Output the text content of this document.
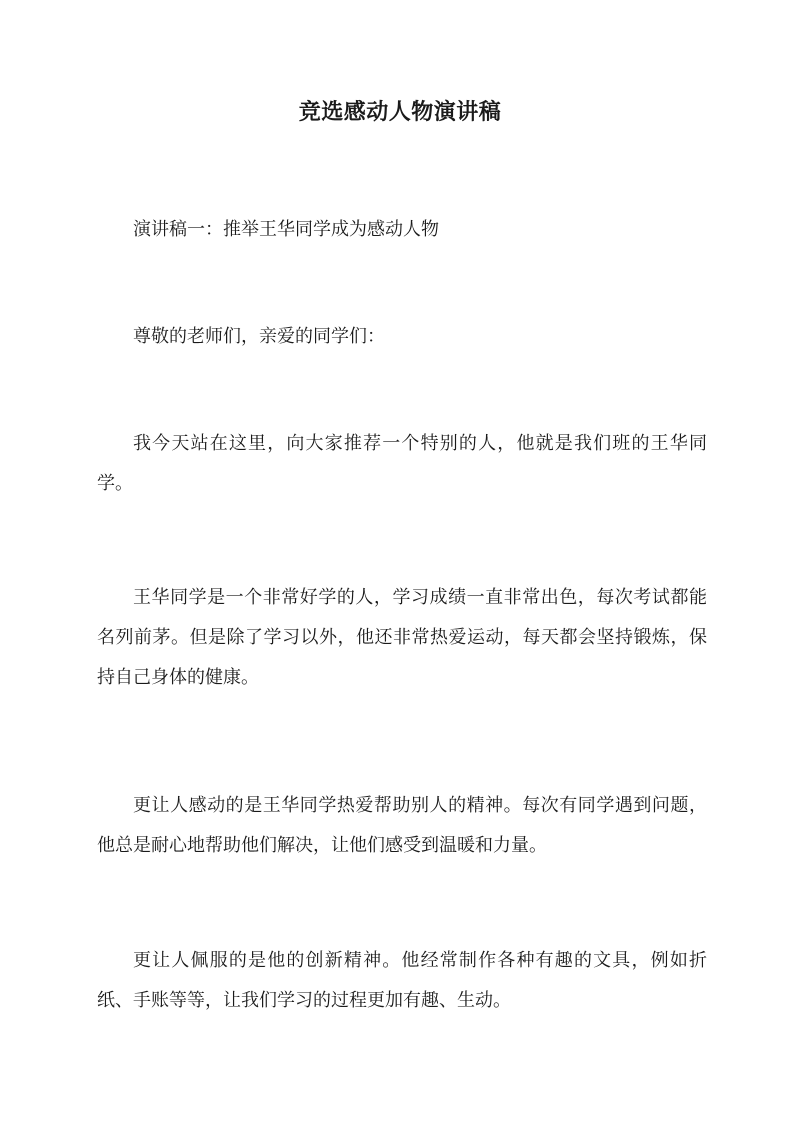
竞选感动人物演讲稿

演讲稿一：推举王华同学成为感动人物

尊敬的老师们，亲爱的同学们：

我今天站在这里，向大家推荐一个特别的人，他就是我们班的王华同学。

王华同学是一个非常好学的人，学习成绩一直非常出色，每次考试都能名列前茅。但是除了学习以外，他还非常热爱运动，每天都会坚持锻炼，保持自己身体的健康。

更让人感动的是王华同学热爱帮助别人的精神。每次有同学遇到问题，他总是耐心地帮助他们解决，让他们感受到温暖和力量。

更让人佩服的是他的创新精神。他经常制作各种有趣的文具，例如折纸、手账等等，让我们学习的过程更加有趣、生动。
